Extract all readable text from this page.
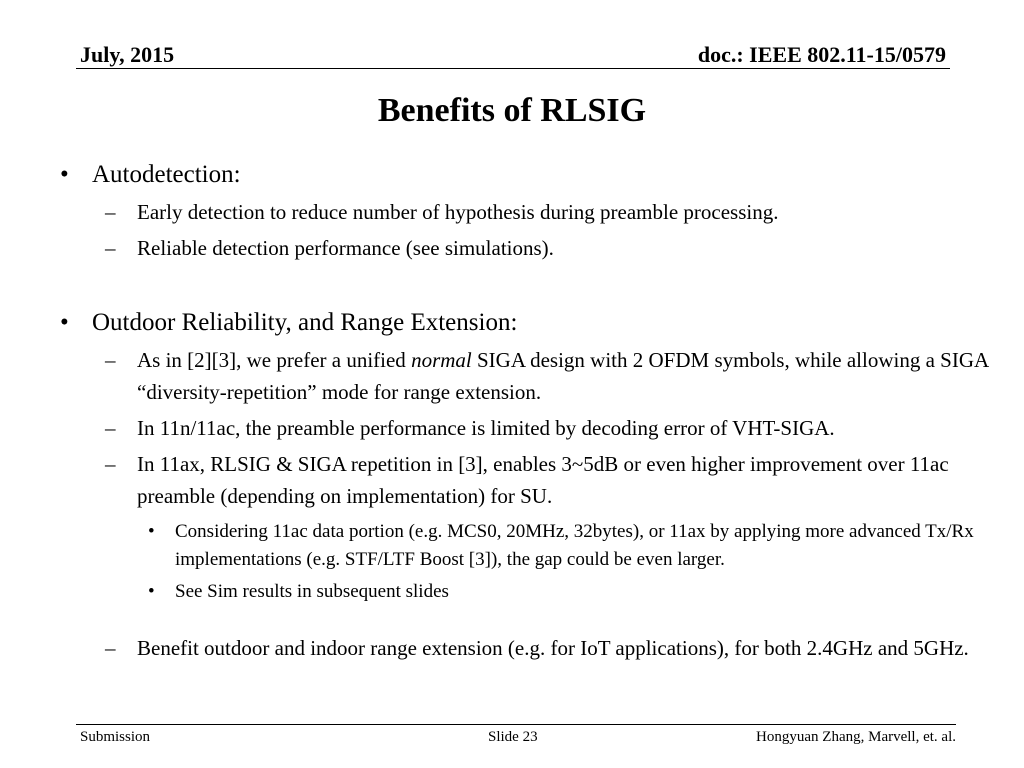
July, 2015	doc.: IEEE 802.11-15/0579
Benefits of RLSIG
• Autodetection:
– Early detection to reduce number of hypothesis during preamble processing.
– Reliable detection performance (see simulations).
• Outdoor Reliability, and Range Extension:
– As in [2][3], we prefer a unified normal SIGA design with 2 OFDM symbols, while allowing a SIGA “diversity-repetition” mode for range extension.
– In 11n/11ac, the preamble performance is limited by decoding error of VHT-SIGA.
– In 11ax, RLSIG & SIGA repetition in [3], enables 3~5dB or even higher improvement over 11ac preamble (depending on implementation) for SU.
• Considering 11ac data portion (e.g. MCS0, 20MHz, 32bytes), or 11ax by applying more advanced Tx/Rx implementations (e.g. STF/LTF Boost [3]), the gap could be even larger.
• See Sim results in subsequent slides
– Benefit outdoor and indoor range extension (e.g. for IoT applications), for both 2.4GHz and 5GHz.
Submission	Slide 23	Hongyuan Zhang, Marvell, et. al.
